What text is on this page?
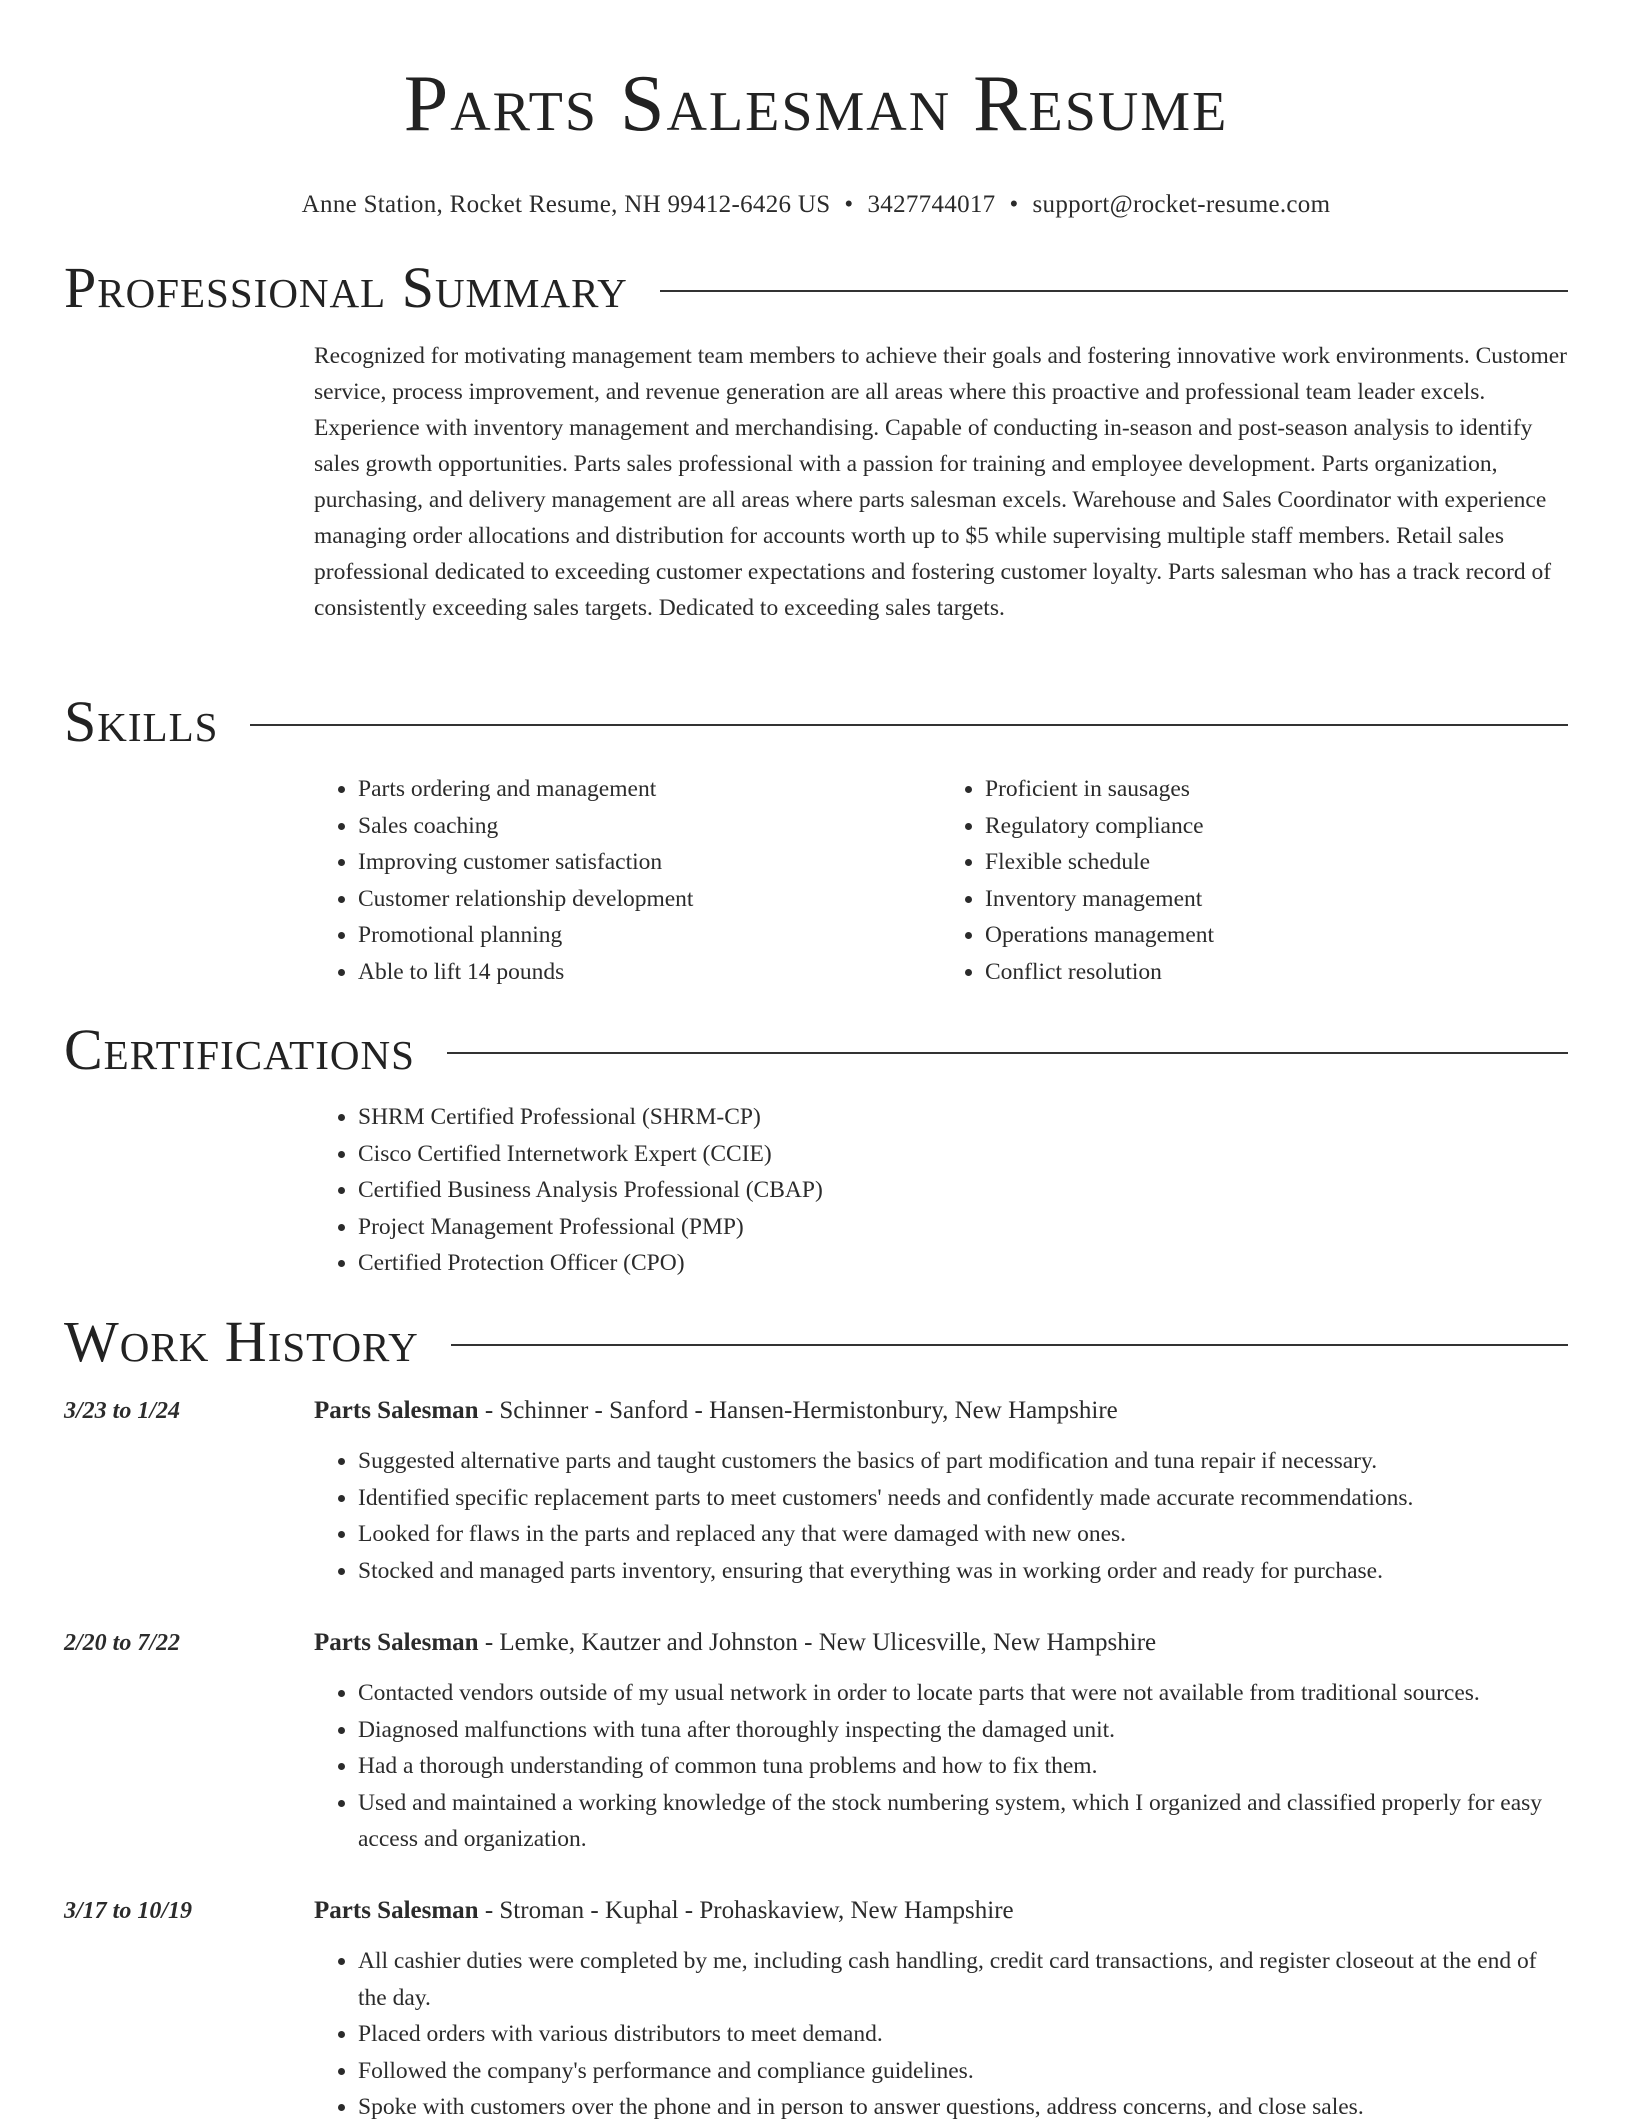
Parts Salesman Resume
Anne Station, Rocket Resume, NH 99412-6426 US • 3427744017 • support@rocket-resume.com
Professional Summary

Recognized for motivating management team members to achieve their goals and fostering innovative work environments. Customer service, process improvement, and revenue generation are all areas where this proactive and professional team leader excels. Experience with inventory management and merchandising. Capable of conducting in-season and post-season analysis to identify sales growth opportunities. Parts sales professional with a passion for training and employee development. Parts organization, purchasing, and delivery management are all areas where parts salesman excels. Warehouse and Sales Coordinator with experience managing order allocations and distribution for accounts worth up to $5 while supervising multiple staff members. Retail sales professional dedicated to exceeding customer expectations and fostering customer loyalty. Parts salesman who has a track record of consistently exceeding sales targets. Dedicated to exceeding sales targets.

Skills
• Parts ordering and management
• Sales coaching
• Improving customer satisfaction
• Customer relationship development
• Promotional planning
• Able to lift 14 pounds
• Proficient in sausages
• Regulatory compliance
• Flexible schedule
• Inventory management
• Operations management
• Conflict resolution
Certifications
• SHRM Certified Professional (SHRM-CP)
• Cisco Certified Internetwork Expert (CCIE)
• Certified Business Analysis Professional (CBAP)
• Project Management Professional (PMP)
• Certified Protection Officer (CPO)
Work History
3/23 to 1/24	Parts Salesman - Schinner - Sanford - Hansen-Hermistonbury, New Hampshire
• Suggested alternative parts and taught customers the basics of part modification and tuna repair if necessary.
• Identified specific replacement parts to meet customers' needs and confidently made accurate recommendations.
• Looked for flaws in the parts and replaced any that were damaged with new ones.
• Stocked and managed parts inventory, ensuring that everything was in working order and ready for purchase.
2/20 to 7/22	Parts Salesman - Lemke, Kautzer and Johnston - New Ulicesville, New Hampshire
• Contacted vendors outside of my usual network in order to locate parts that were not available from traditional sources.
• Diagnosed malfunctions with tuna after thoroughly inspecting the damaged unit.
• Had a thorough understanding of common tuna problems and how to fix them.
• Used and maintained a working knowledge of the stock numbering system, which I organized and classified properly for easy access and organization.
3/17 to 10/19	Parts Salesman - Stroman - Kuphal - Prohaskaview, New Hampshire
• All cashier duties were completed by me, including cash handling, credit card transactions, and register closeout at the end of the day.
• Placed orders with various distributors to meet demand.
• Followed the company's performance and compliance guidelines.
• Spoke with customers over the phone and in person to answer questions, address concerns, and close sales.
